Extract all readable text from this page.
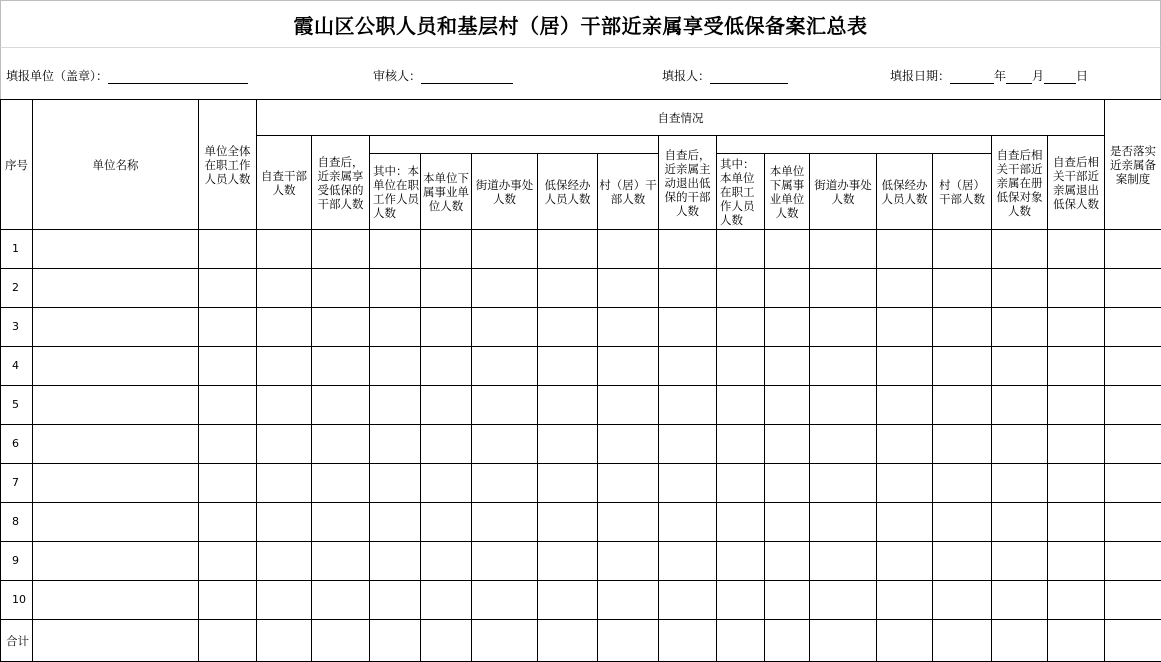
霞山区公职人员和基层村（居）干部近亲属享受低保备案汇总表
填报单位（盖章）：	审核人：	填报人：	填报日期：	年 月	日
序号	单位名称	单位全体在职工作人员人数	自查情况															是否落实近亲属备案制度
			自查干部人数	自查后，近亲属享受低保的干部人数						自查后，近亲属主动退出低保的干部人数						自查后相关干部近亲属在册低保对象人数	自查后相关干部近亲属退出低保人数	

					其中：本单位在职工作人员人数	本单位下属事业单位人数	街道办事处人数	低保经办人员人数	村（居）干部人数		其中：本单位在职工作人员人数	本单位下属事业单位人数	街道办事处人数	低保经办人员人数	村（居）干部人数			
1																		
2																		
3																		
4																		
5																		
6																		
7																		
8																		
9																		
10																		
合计																		
